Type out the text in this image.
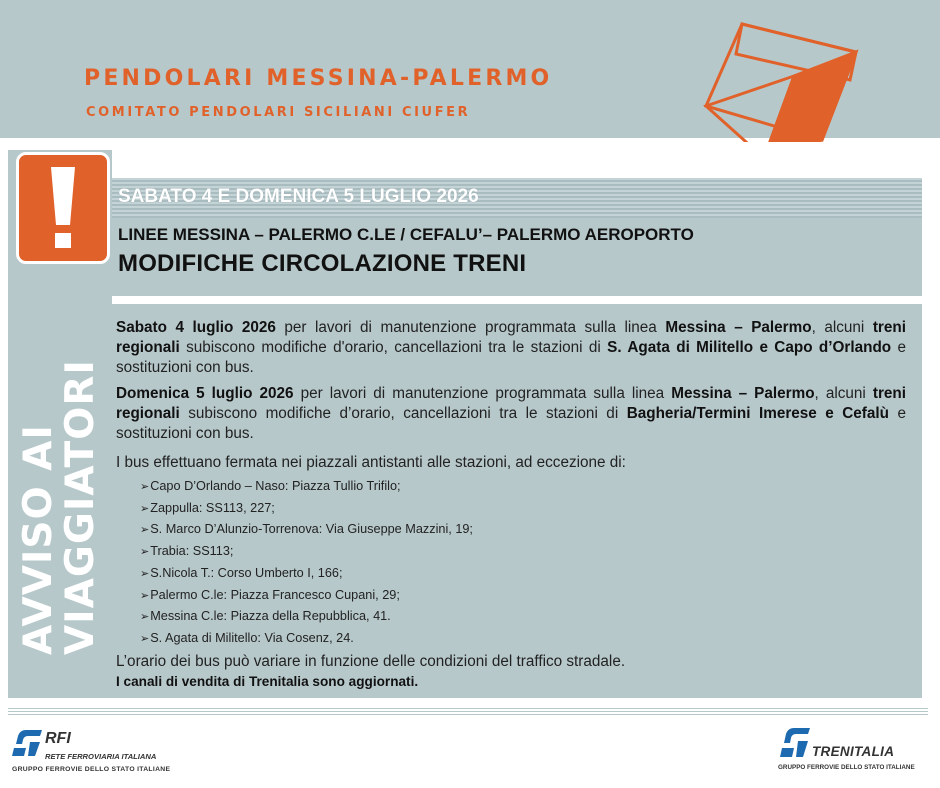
PENDOLARI MESSINA-PALERMO
COMITATO PENDOLARI SICILIANI CIUFER
AVVISO AI
VIAGGIATORI
SABATO 4 E DOMENICA 5 LUGLIO 2026
LINEE MESSINA – PALERMO C.LE / CEFALU’– PALERMO AEROPORTO
MODIFICHE CIRCOLAZIONE TRENI
Sabato 4 luglio 2026 per lavori di manutenzione programmata sulla linea Messina – Palermo, alcuni treni regionali subiscono modifiche d'orario, cancellazioni tra le stazioni di S. Agata di Militello e Capo d’Orlando e sostituzioni con bus.
Domenica 5 luglio 2026 per lavori di manutenzione programmata sulla linea Messina – Palermo, alcuni treni regionali subiscono modifiche d’orario, cancellazioni tra le stazioni di Bagheria/Termini Imerese e Cefalù e sostituzioni con bus.
I bus effettuano fermata nei piazzali antistanti alle stazioni, ad eccezione di:
➢Capo D’Orlando – Naso: Piazza Tullio Trifilo;
➢Zappulla: SS113, 227;
➢S. Marco D’Alunzio-Torrenova: Via Giuseppe Mazzini, 19;
➢Trabia: SS113;
➢S.Nicola T.: Corso Umberto I, 166;
➢Palermo C.le: Piazza Francesco Cupani, 29;
➢Messina C.le: Piazza della Repubblica, 41.
➢S. Agata di Militello: Via Cosenz, 24.
L’orario dei bus può variare in funzione delle condizioni del traffico stradale.
I canali di vendita di Trenitalia sono aggiornati.
RFI
RETE FERROVIARIA ITALIANA
GRUPPO FERROVIE DELLO STATO ITALIANE
TRENITALIA
GRUPPO FERROVIE DELLO STATO ITALIANE
